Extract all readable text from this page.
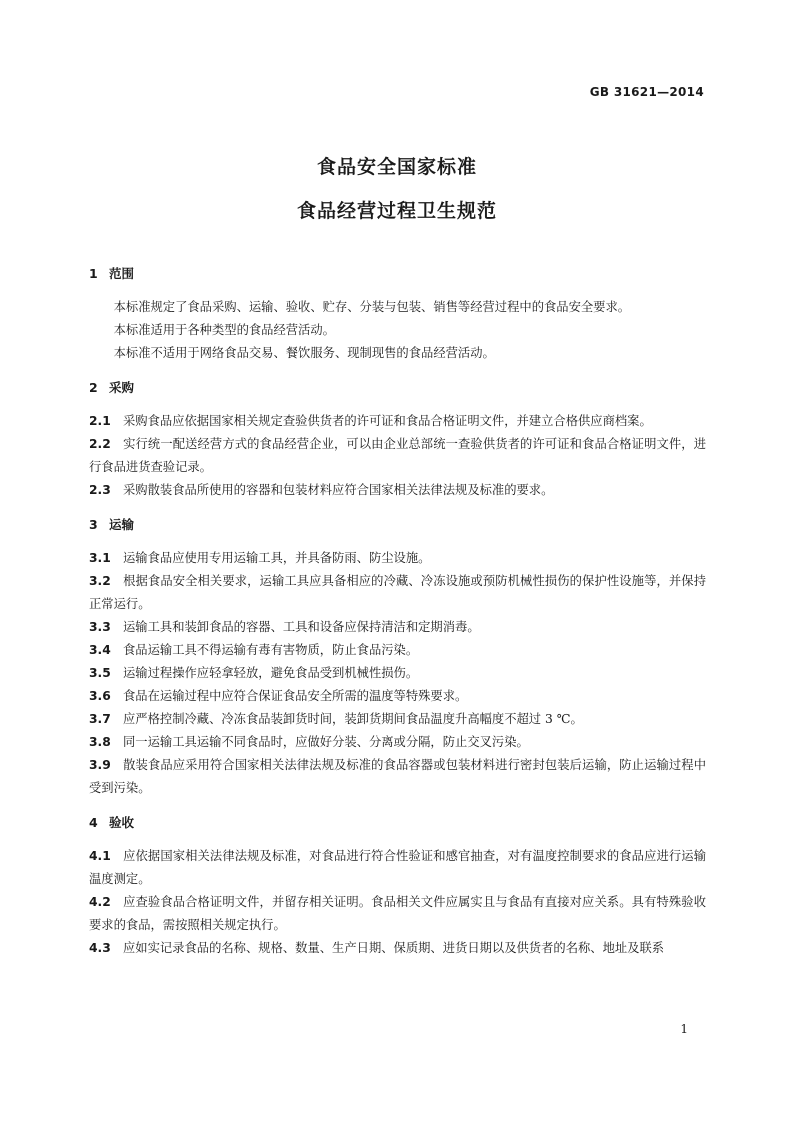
GB 31621—2014
食品安全国家标准
食品经营过程卫生规范
1 范围

本标准规定了食品采购、运输、验收、贮存、分装与包装、销售等经营过程中的食品安全要求。

本标准适用于各种类型的食品经营活动。

本标准不适用于网络食品交易、餐饮服务、现制现售的食品经营活动。

2 采购

2.1 采购食品应依据国家相关规定查验供货者的许可证和食品合格证明文件，并建立合格供应商档案。

2.2 实行统一配送经营方式的食品经营企业，可以由企业总部统一查验供货者的许可证和食品合格证明文件，进行食品进货查验记录。

2.3 采购散装食品所使用的容器和包装材料应符合国家相关法律法规及标准的要求。

3 运输

3.1 运输食品应使用专用运输工具，并具备防雨、防尘设施。

3.2 根据食品安全相关要求，运输工具应具备相应的冷藏、冷冻设施或预防机械性损伤的保护性设施等，并保持正常运行。

3.3 运输工具和装卸食品的容器、工具和设备应保持清洁和定期消毒。

3.4 食品运输工具不得运输有毒有害物质，防止食品污染。

3.5 运输过程操作应轻拿轻放，避免食品受到机械性损伤。

3.6 食品在运输过程中应符合保证食品安全所需的温度等特殊要求。

3.7 应严格控制冷藏、冷冻食品装卸货时间，装卸货期间食品温度升高幅度不超过 3 ℃。

3.8 同一运输工具运输不同食品时，应做好分装、分离或分隔，防止交叉污染。

3.9 散装食品应采用符合国家相关法律法规及标准的食品容器或包装材料进行密封包装后运输，防止运输过程中受到污染。

4 验收

4.1 应依据国家相关法律法规及标准，对食品进行符合性验证和感官抽查，对有温度控制要求的食品应进行运输温度测定。

4.2 应查验食品合格证明文件，并留存相关证明。食品相关文件应属实且与食品有直接对应关系。具有特殊验收要求的食品，需按照相关规定执行。

4.3 应如实记录食品的名称、规格、数量、生产日期、保质期、进货日期以及供货者的名称、地址及联系

1
